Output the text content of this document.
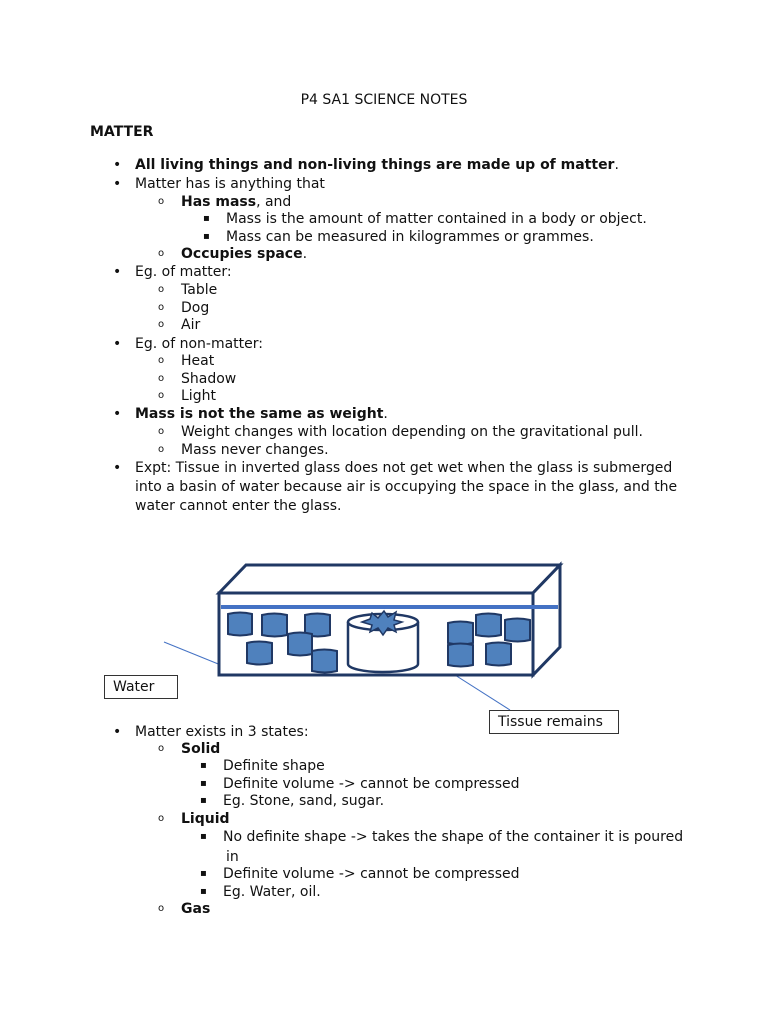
P4 SA1 SCIENCE NOTES
MATTER
• All living things and non-living things are made up of matter.
• Matter has is anything that
o Has mass, and
▪ Mass is the amount of matter contained in a body or object.
▪ Mass can be measured in kilogrammes or grammes.
o Occupies space.
• Eg. of matter:
o Table
o Dog
o Air
• Eg. of non-matter:
o Heat
o Shadow
o Light
• Mass is not the same as weight.
o Weight changes with location depending on the gravitational pull.
o Mass never changes.
• Expt: Tissue in inverted glass does not get wet when the glass is submerged into a basin of water because air is occupying the space in the glass, and the water cannot enter the glass.
Water
Tissue remains
• Matter exists in 3 states:
o Solid
▪ Definite shape
▪ Definite volume -> cannot be compressed
▪ Eg. Stone, sand, sugar.
o Liquid
▪ No definite shape -> takes the shape of the container it is poured
in
▪ Definite volume -> cannot be compressed
▪ Eg. Water, oil.
o Gas
